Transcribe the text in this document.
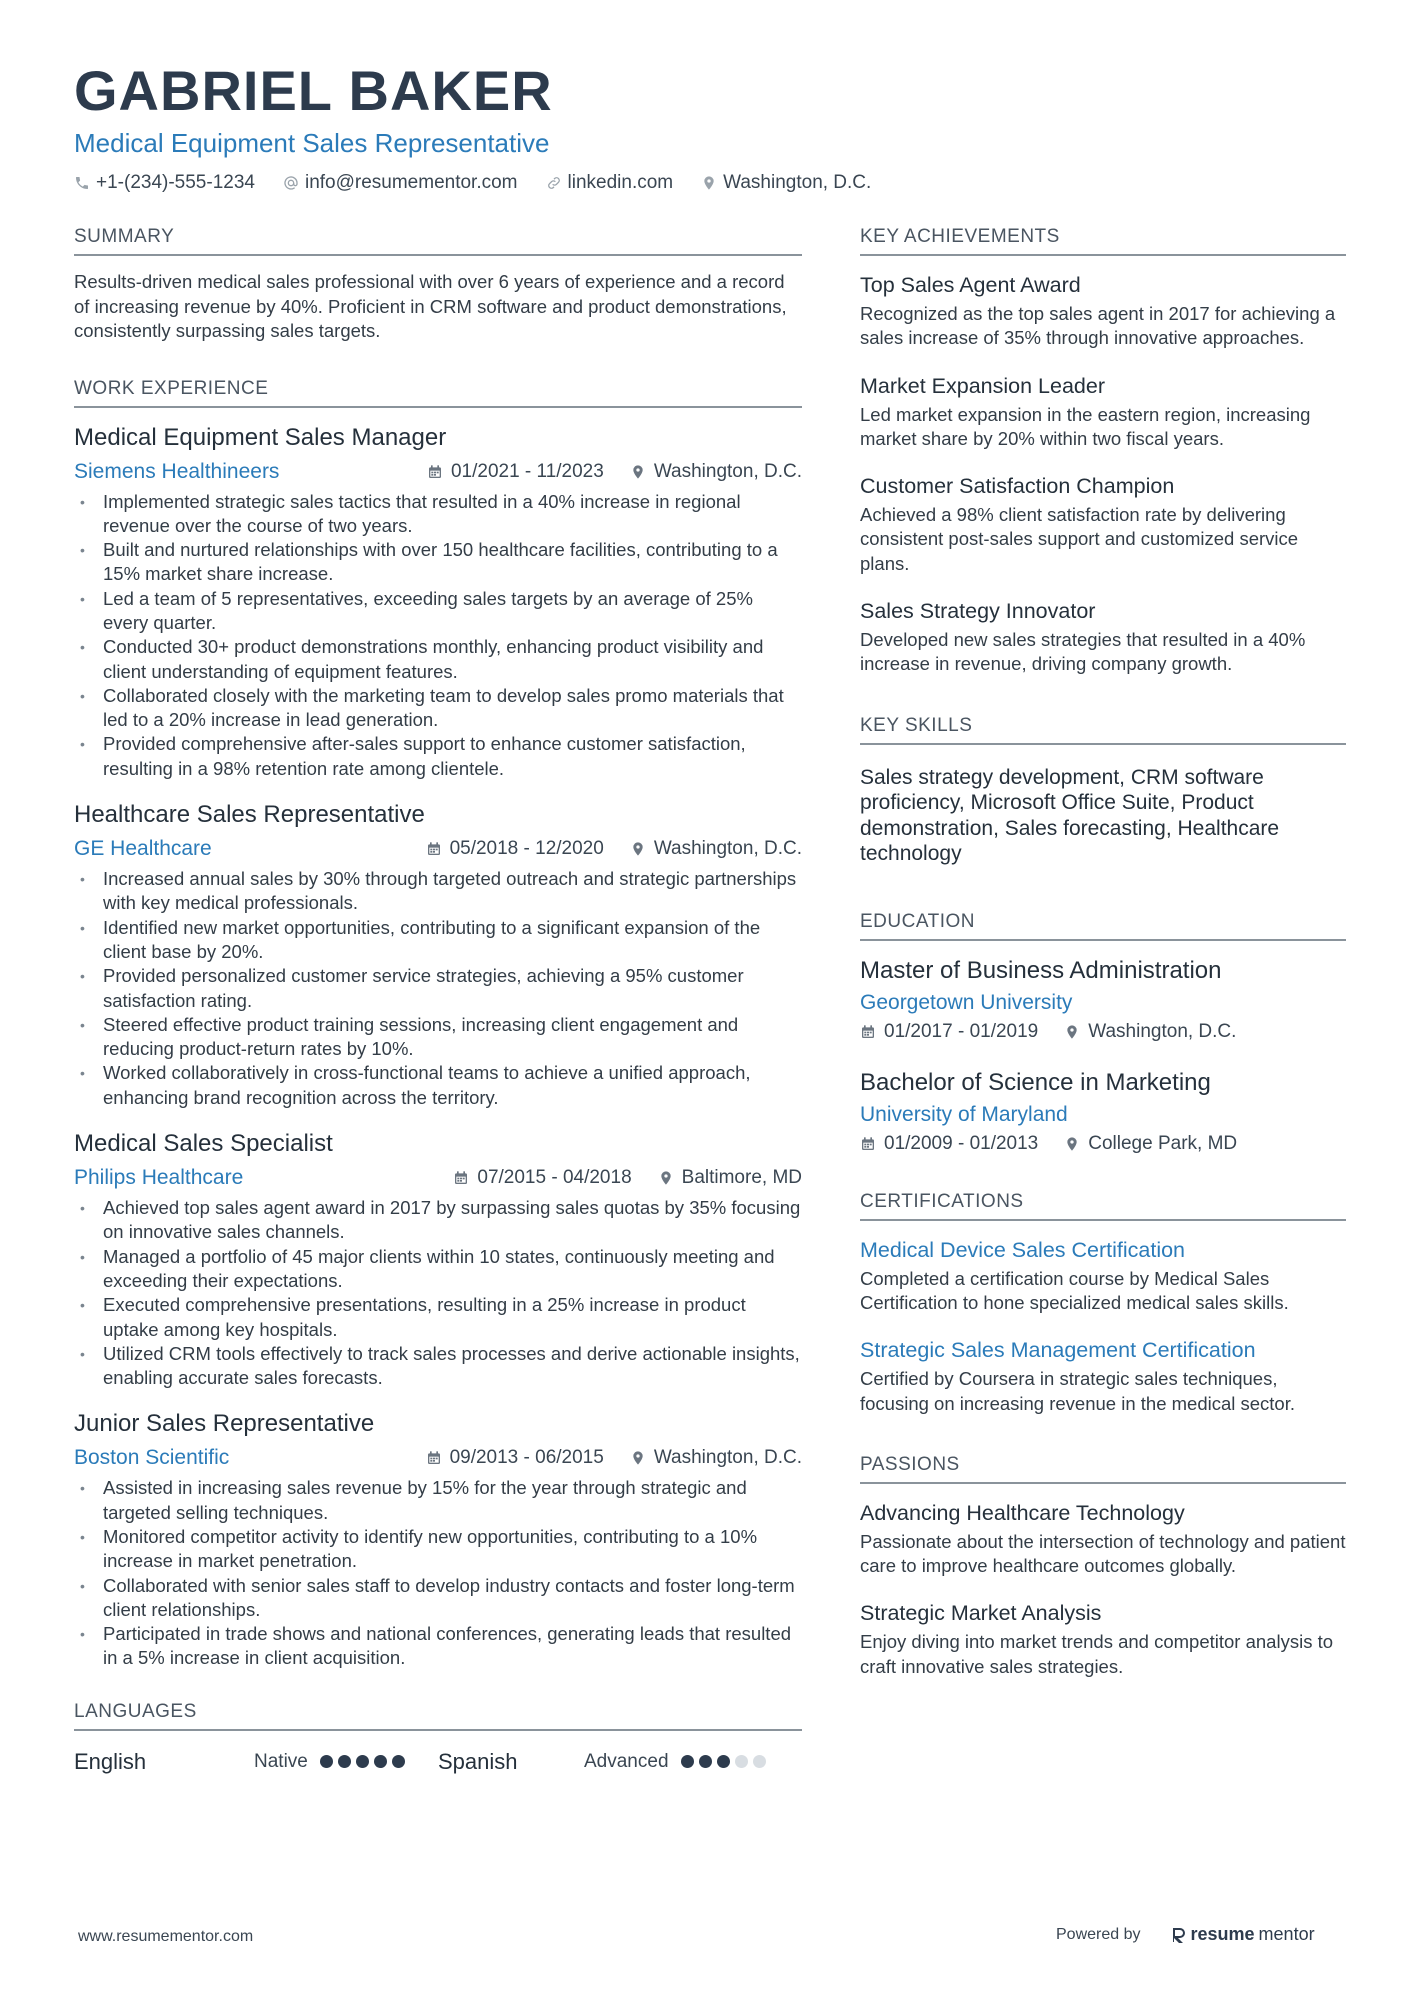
GABRIEL BAKER
Medical Equipment Sales Representative
+1-(234)-555-1234	info@resumementor.com	linkedin.com	Washington, D.C.
SUMMARY
Results-driven medical sales professional with over 6 years of experience and a record of increasing revenue by 40%. Proficient in CRM software and product demonstrations, consistently surpassing sales targets.
WORK EXPERIENCE
Medical Equipment Sales Manager
Siemens Healthineers	01/2021 - 11/2023	Washington, D.C.
• Implemented strategic sales tactics that resulted in a 40% increase in regional revenue over the course of two years.
• Built and nurtured relationships with over 150 healthcare facilities, contributing to a 15% market share increase.
• Led a team of 5 representatives, exceeding sales targets by an average of 25% every quarter.
• Conducted 30+ product demonstrations monthly, enhancing product visibility and client understanding of equipment features.
• Collaborated closely with the marketing team to develop sales promo materials that led to a 20% increase in lead generation.
• Provided comprehensive after-sales support to enhance customer satisfaction, resulting in a 98% retention rate among clientele.
Healthcare Sales Representative
GE Healthcare	05/2018 - 12/2020	Washington, D.C.
• Increased annual sales by 30% through targeted outreach and strategic partnerships with key medical professionals.
• Identified new market opportunities, contributing to a significant expansion of the client base by 20%.
• Provided personalized customer service strategies, achieving a 95% customer satisfaction rating.
• Steered effective product training sessions, increasing client engagement and reducing product-return rates by 10%.
• Worked collaboratively in cross-functional teams to achieve a unified approach, enhancing brand recognition across the territory.
Medical Sales Specialist
Philips Healthcare	07/2015 - 04/2018	Baltimore, MD
• Achieved top sales agent award in 2017 by surpassing sales quotas by 35% focusing on innovative sales channels.
• Managed a portfolio of 45 major clients within 10 states, continuously meeting and exceeding their expectations.
• Executed comprehensive presentations, resulting in a 25% increase in product uptake among key hospitals.
• Utilized CRM tools effectively to track sales processes and derive actionable insights, enabling accurate sales forecasts.
Junior Sales Representative
Boston Scientific	09/2013 - 06/2015	Washington, D.C.
• Assisted in increasing sales revenue by 15% for the year through strategic and targeted selling techniques.
• Monitored competitor activity to identify new opportunities, contributing to a 10% increase in market penetration.
• Collaborated with senior sales staff to develop industry contacts and foster long-term client relationships.
• Participated in trade shows and national conferences, generating leads that resulted in a 5% increase in client acquisition.
LANGUAGES
English	Native	Spanish	Advanced
KEY ACHIEVEMENTS
Top Sales Agent Award
Recognized as the top sales agent in 2017 for achieving a sales increase of 35% through innovative approaches.
Market Expansion Leader
Led market expansion in the eastern region, increasing market share by 20% within two fiscal years.
Customer Satisfaction Champion
Achieved a 98% client satisfaction rate by delivering consistent post-sales support and customized service plans.
Sales Strategy Innovator
Developed new sales strategies that resulted in a 40% increase in revenue, driving company growth.
KEY SKILLS
Sales strategy development, CRM software proficiency, Microsoft Office Suite, Product demonstration, Sales forecasting, Healthcare technology
EDUCATION
Master of Business Administration
Georgetown University
01/2017 - 01/2019	Washington, D.C.
Bachelor of Science in Marketing
University of Maryland
01/2009 - 01/2013	College Park, MD
CERTIFICATIONS
Medical Device Sales Certification
Completed a certification course by Medical Sales Certification to hone specialized medical sales skills.
Strategic Sales Management Certification
Certified by Coursera in strategic sales techniques, focusing on increasing revenue in the medical sector.
PASSIONS
Advancing Healthcare Technology
Passionate about the intersection of technology and patient care to improve healthcare outcomes globally.
Strategic Market Analysis
Enjoy diving into market trends and competitor analysis to craft innovative sales strategies.
www.resumementor.com	Powered by	resume mentor
